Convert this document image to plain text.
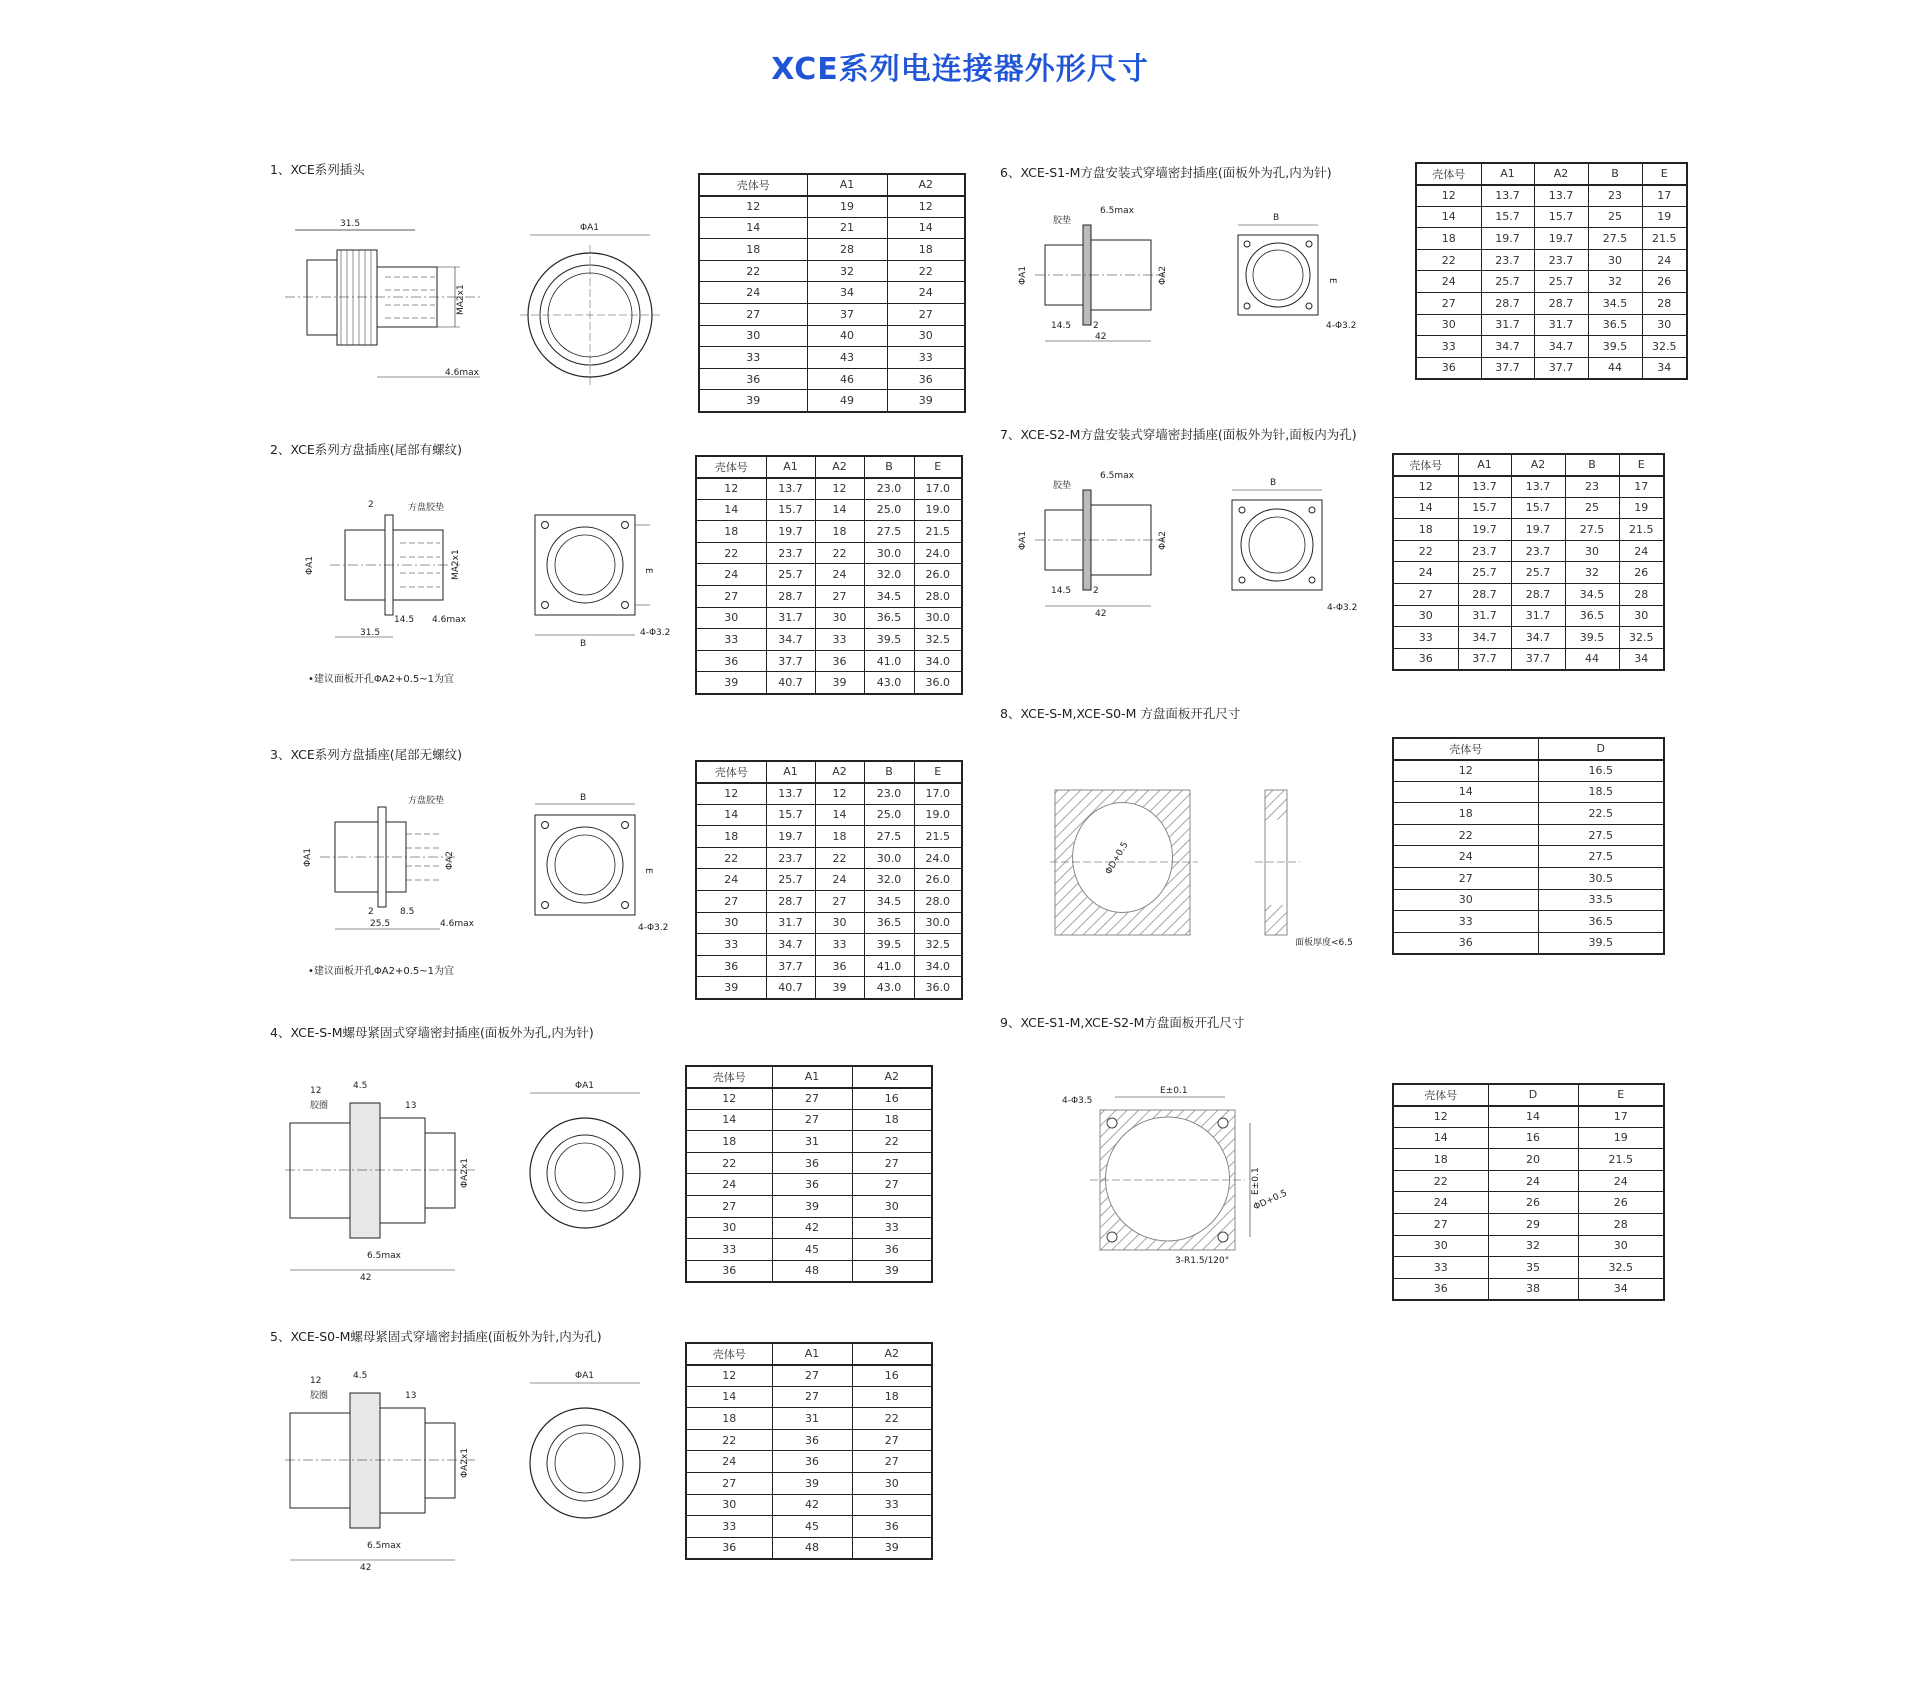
XCE系列电连接器外形尺寸
1、XCE系列插头
31.5
MA2x1
4.6max
ΦA1
壳体号	A1	A2
12	19	12
14	21	14
18	28	18
22	32	22
24	34	24
27	37	27
30	40	30
33	43	33
36	46	36
39	49	39
2、XCE系列方盘插座(尾部有螺纹)
2	方盘胶垫
ΦA1	MA2x1
14.5 4.6max
31.5
E
B
4-Φ3.2
•建议面板开孔ΦA2+0.5~1为宜
壳体号	A1	A2	B	E
12	13.7	12	23.0	17.0
14	15.7	14	25.0	19.0
18	19.7	18	27.5	21.5
22	23.7	22	30.0	24.0
24	25.7	24	32.0	26.0
27	28.7	27	34.5	28.0
30	31.7	30	36.5	30.0
33	34.7	33	39.5	32.5
36	37.7	36	41.0	34.0
39	40.7	39	43.0	36.0
3、XCE系列方盘插座(尾部无螺纹)
方盘胶垫
ΦA1	ΦA2
2	8.5
25.5	4.6max
B
E
4-Φ3.2
•建议面板开孔ΦA2+0.5~1为宜
壳体号	A1	A2	B	E
12	13.7	12	23.0	17.0
14	15.7	14	25.0	19.0
18	19.7	18	27.5	21.5
22	23.7	22	30.0	24.0
24	25.7	24	32.0	26.0
27	28.7	27	34.5	28.0
30	31.7	30	36.5	30.0
33	34.7	33	39.5	32.5
36	37.7	36	41.0	34.0
39	40.7	39	43.0	36.0
4、XCE-S-M螺母紧固式穿墙密封插座(面板外为孔,内为针)
12	4.5
13
胶圈
ΦA2x1
6.5max
42
ΦA1
壳体号	A1	A2
12	27	16
14	27	18
18	31	22
22	36	27
24	36	27
27	39	30
30	42	33
33	45	36
36	48	39
5、XCE-S0-M螺母紧固式穿墙密封插座(面板外为针,内为孔)
12	4.5
13
胶圈
ΦA2x1
6.5max
42
ΦA1
壳体号	A1	A2
12	27	16
14	27	18
18	31	22
22	36	27
24	36	27
27	39	30
30	42	33
33	45	36
36	48	39
6、XCE-S1-M方盘安装式穿墙密封插座(面板外为孔,内为针)
6.5max
胶垫
ΦA1	ΦA2
14.5 2
42
B
E
4-Φ3.2
壳体号	A1	A2	B	E
12	13.7	13.7	23	17
14	15.7	15.7	25	19
18	19.7	19.7	27.5	21.5
22	23.7	23.7	30	24
24	25.7	25.7	32	26
27	28.7	28.7	34.5	28
30	31.7	31.7	36.5	30
33	34.7	34.7	39.5	32.5
36	37.7	37.7	44	34
7、XCE-S2-M方盘安装式穿墙密封插座(面板外为针,面板内为孔)
6.5max
胶垫
ΦA1	ΦA2
14.5 2
42
B
4-Φ3.2
壳体号	A1	A2	B	E
12	13.7	13.7	23	17
14	15.7	15.7	25	19
18	19.7	19.7	27.5	21.5
22	23.7	23.7	30	24
24	25.7	25.7	32	26
27	28.7	28.7	34.5	28
30	31.7	31.7	36.5	30
33	34.7	34.7	39.5	32.5
36	37.7	37.7	44	34
8、XCE-S-M,XCE-S0-M 方盘面板开孔尺寸
ΦD+0.5
面板厚度<6.5
壳体号	D
12	16.5
14	18.5
18	22.5
22	27.5
24	27.5
27	30.5
30	33.5
33	36.5
36	39.5
9、XCE-S1-M,XCE-S2-M方盘面板开孔尺寸
4-Φ3.5
E±0.1
E±0.1
ΦD+0.5
3-R1.5/120°
壳体号	D	E
12	14	17
14	16	19
18	20	21.5
22	24	24
24	26	26
27	29	28
30	32	30
33	35	32.5
36	38	34
